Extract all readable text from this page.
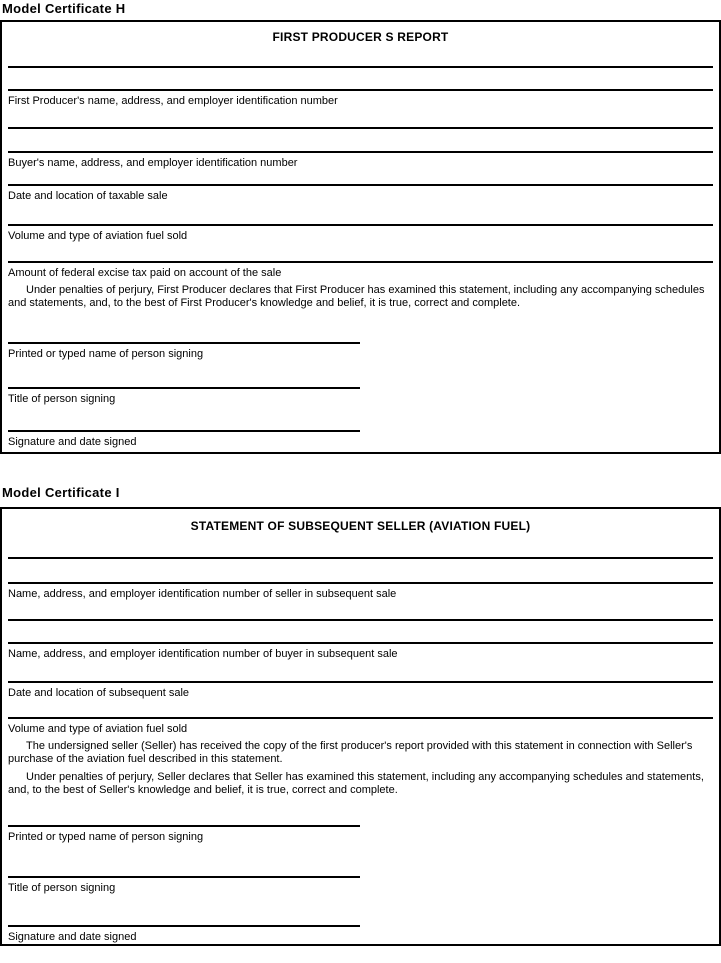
Model Certificate H
FIRST PRODUCER S REPORT
First Producer's name, address, and employer identification number
Buyer's name, address, and employer identification number
Date and location of taxable sale
Volume and type of aviation fuel sold
Amount of federal excise tax paid on account of the sale

Under penalties of perjury, First Producer declares that First Producer has examined this statement, including any accompanying schedules and statements, and, to the best of First Producer's knowledge and belief, it is true, correct and complete.

Printed or typed name of person signing
Title of person signing
Signature and date signed
Model Certificate I
STATEMENT OF SUBSEQUENT SELLER (AVIATION FUEL)
Name, address, and employer identification number of seller in subsequent sale
Name, address, and employer identification number of buyer in subsequent sale
Date and location of subsequent sale
Volume and type of aviation fuel sold

The undersigned seller (Seller) has received the copy of the first producer's report provided with this statement in connection with Seller's purchase of the aviation fuel described in this statement.

Under penalties of perjury, Seller declares that Seller has examined this statement, including any accompanying schedules and statements, and, to the best of Seller's knowledge and belief, it is true, correct and complete.

Printed or typed name of person signing
Title of person signing
Signature and date signed
